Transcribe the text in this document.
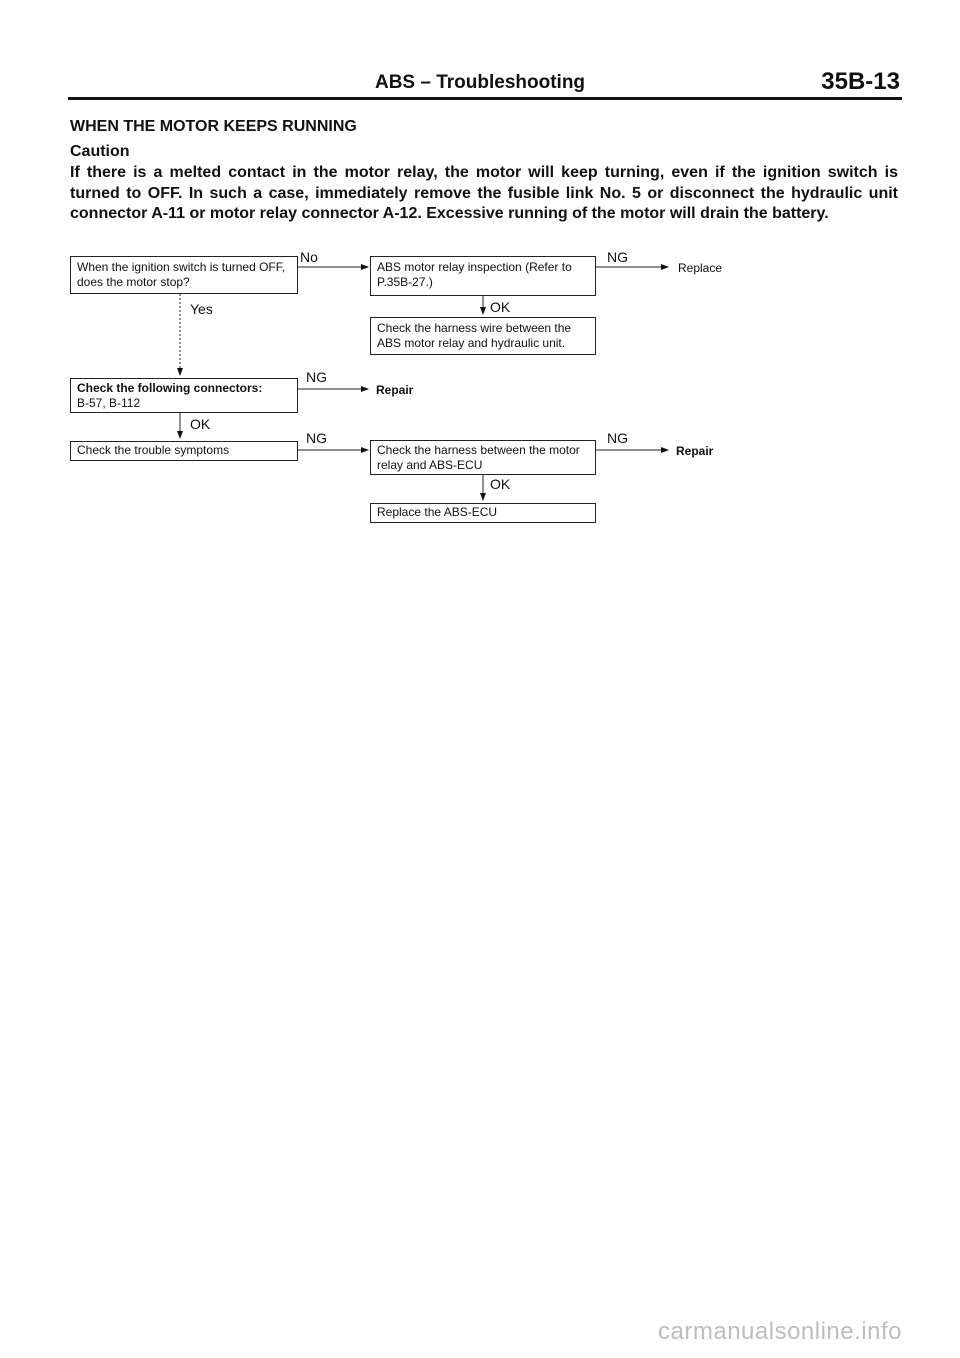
ABS – Troubleshooting	35B-13
WHEN THE MOTOR KEEPS RUNNING
Caution
If there is a melted contact in the motor relay, the motor will keep turning, even if the ignition switch is turned to OFF. In such a case, immediately remove the fusible link No. 5 or disconnect the hydraulic unit connector A-11 or motor relay connector A-12. Excessive running of the motor will drain the battery.
When the ignition switch is turned OFF,
does the motor stop?
ABS motor relay inspection (Refer to
P.35B-27.)
Check the harness wire between the
ABS motor relay and hydraulic unit.
Check the following connectors:
B-57, B-112
Check the trouble symptoms	Check the harness between the motor
relay and ABS-ECU
Replace the ABS-ECU
Replace
Repair
Repair
No
Yes
NG
OK
NG
OK
NG	NG
OK
carmanualsonline.info
